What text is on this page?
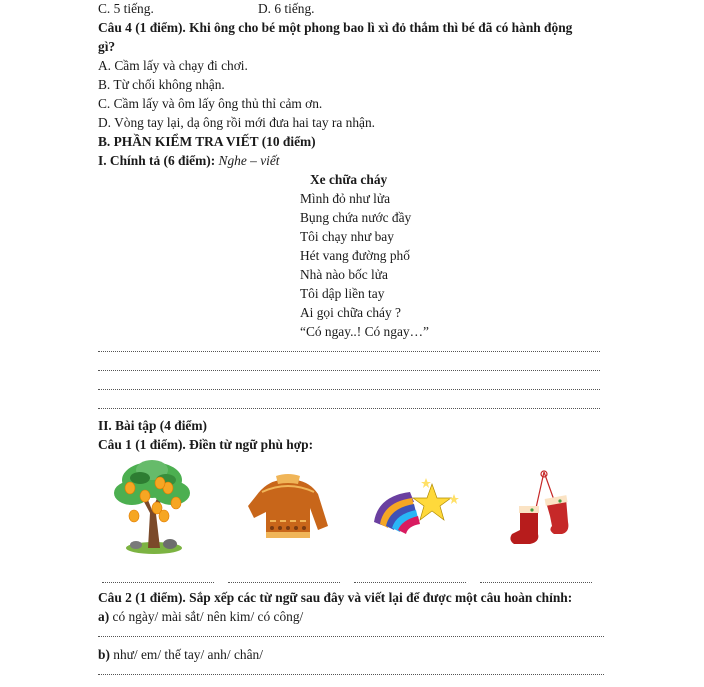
C. 5 tiếng.	D. 6 tiếng.
Câu 4 (1 điểm). Khi ông cho bé một phong bao lì xì đỏ thắm thì bé đã có hành động
gì?
A. Cầm lấy và chạy đi chơi.
B. Từ chối không nhận.
C. Cầm lấy và ôm lấy ông thủ thỉ cảm ơn.
D. Vòng tay lại, dạ ông rồi mới đưa hai tay ra nhận.
B. PHẦN KIỂM TRA VIẾT (10 điểm)
I. Chính tả (6 điểm): Nghe – viết
Xe chữa cháy
Mình đỏ như lửa
Bụng chứa nước đầy
Tôi chạy như bay
Hét vang đường phố
Nhà nào bốc lửa
Tôi dập liền tay
Ai gọi chữa cháy ?
“Có ngay..! Có ngay…”
II. Bài tập (4 điểm)
Câu 1 (1 điểm). Điền từ ngữ phù hợp:
Câu 2 (1 điểm). Sắp xếp các từ ngữ sau đây và viết lại để được một câu hoàn chỉnh:
a) có ngày/ mài sắt/ nên kim/ có công/
b) như/ em/ thế tay/ anh/ chân/
